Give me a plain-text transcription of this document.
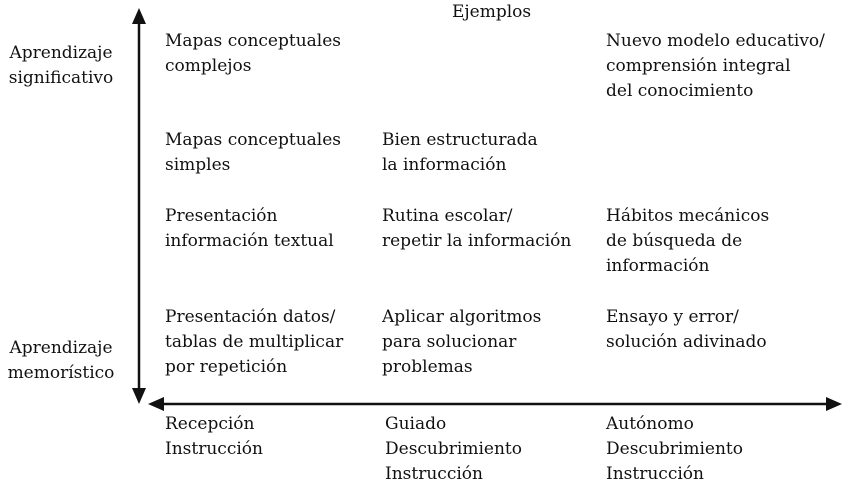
Ejemplos
Aprendizaje
significativo
Aprendizaje
memorístico
Mapas conceptuales
complejos
Nuevo modelo educativo/
comprensión integral
del conocimiento
Mapas conceptuales
simples
Bien estructurada
la información
Presentación
información textual
Rutina escolar/
repetir la información
Hábitos mecánicos
de búsqueda de
información
Presentación datos/
tablas de multiplicar
por repetición
Aplicar algoritmos
para solucionar
problemas
Ensayo y error/
solución adivinado
Recepción
Instrucción
Guiado
Descubrimiento
Instrucción
Autónomo
Descubrimiento
Instrucción
